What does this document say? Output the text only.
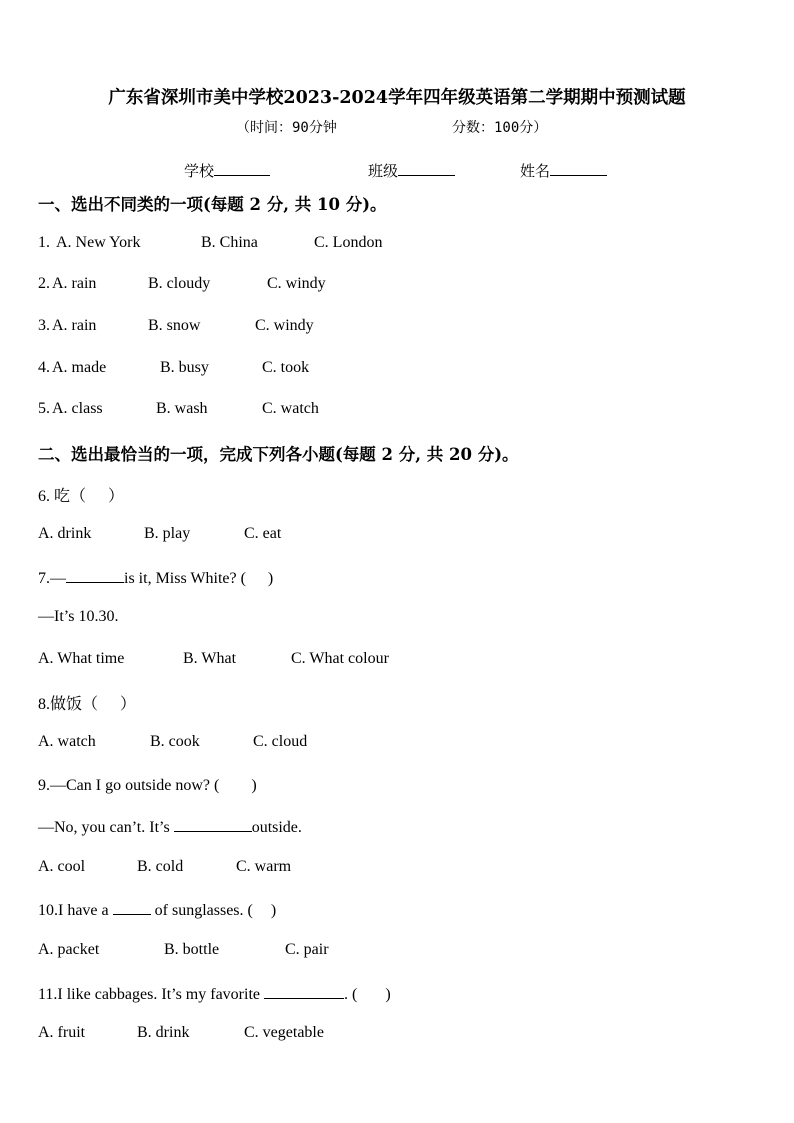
广东省深圳市美中学校2023-2024学年四年级英语第二学期期中预测试题
（时间：90分钟	分数：100分）
学校	班级	姓名
一、选出不同类的一项(每题 2 分, 共 10 分)。
1.A. New York	B. China	C. London
2. A. rain	B. cloudy	C. windy
3. A. rain	B. snow	C. windy
4. A. made	B. busy	C. took
5. A. class	B. wash	C. watch
二、选出最恰当的一项，完成下列各小题(每题 2 分, 共 20 分)。
6. 吃（ ）
A. drink	B. play	C. eat
7.—	is it, Miss White? ( )
—It’s 10.30.
A. What time	B. What	C. What colour
8.做饭（ ）
A. watch	B. cook	C. cloud
9.—Can I go outside now? ( )
—No, you can’t. It’s	outside.
A. cool	B. cold	C. warm
10.I have a  of sunglasses. ( )
A. packet	B. bottle	C. pair
11.I like cabbages. It’s my favorite	. ( )
A. fruit	B. drink	C. vegetable
